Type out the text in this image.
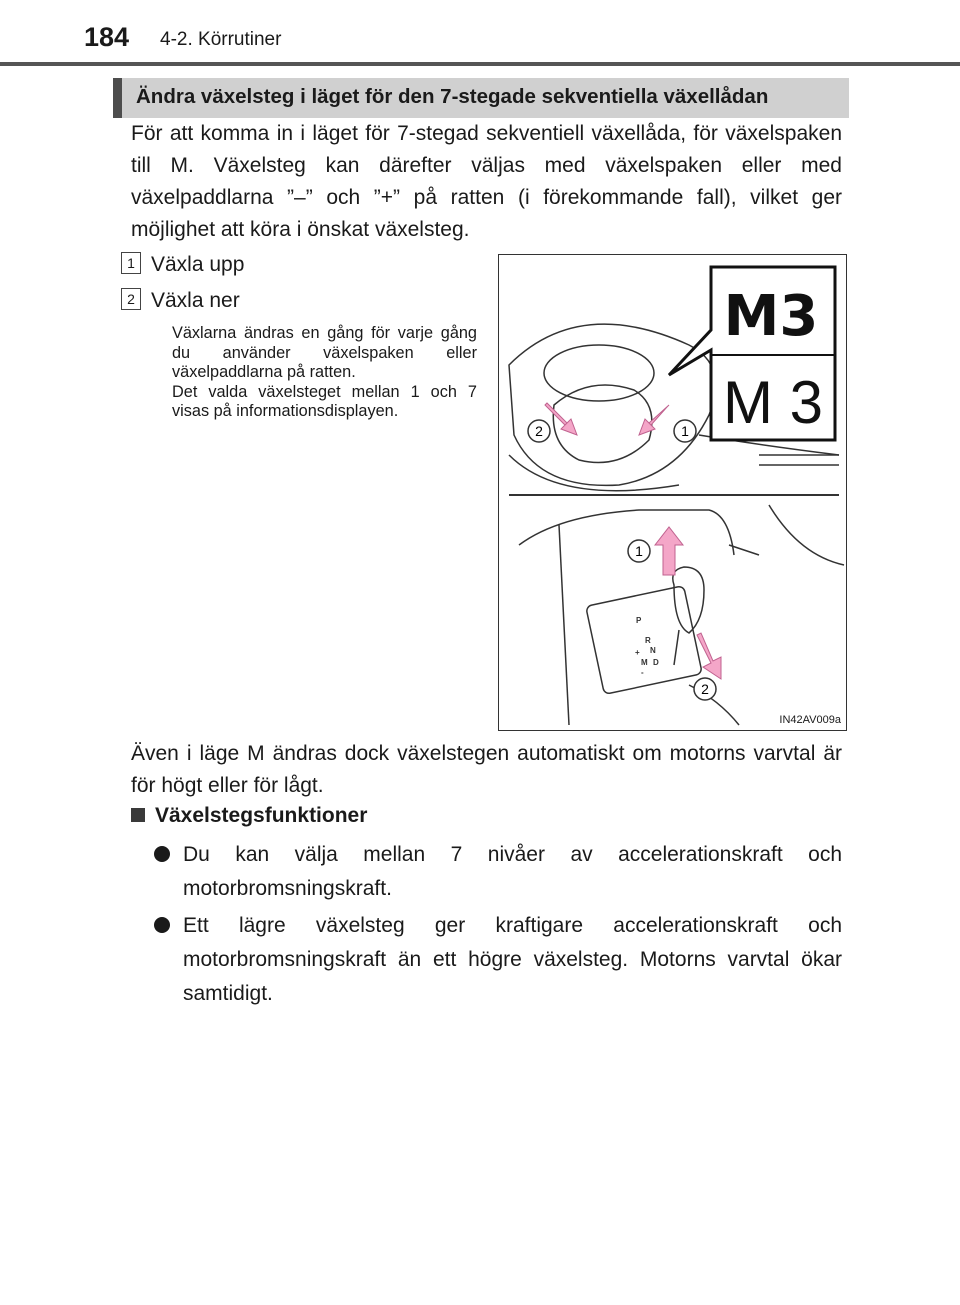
184 4-2. Körrutiner
Ändra växelsteg i läget för den 7-stegade sekventiella växellådan
För att komma in i läget för 7-stegad sekventiell växellåda, för växelspaken till M. Växelsteg kan därefter väljas med växelspaken eller med växelpaddlarna ”–” och ”+” på ratten (i förekommande fall), vilket ger möjlighet att köra i önskat växelsteg.
1 Växla upp
2 Växla ner

Växlarna ändras en gång för varje gång du använder växelspaken eller växelpaddlarna på ratten.

Det valda växelsteget mellan 1 och 7 visas på informationsdisplayen.

M3
M 3
2	1
1
2
P
R
N
D
M
+
-
IN42AV009a
Även i läge M ändras dock växelstegen automatiskt om motorns varvtal är för högt eller för lågt.
Växelstegsfunktioner
Du kan välja mellan 7 nivåer av accelerationskraft och motorbromsningskraft.
Ett lägre växelsteg ger kraftigare accelerationskraft och motorbromsningskraft än ett högre växelsteg. Motorns varvtal ökar samtidigt.
